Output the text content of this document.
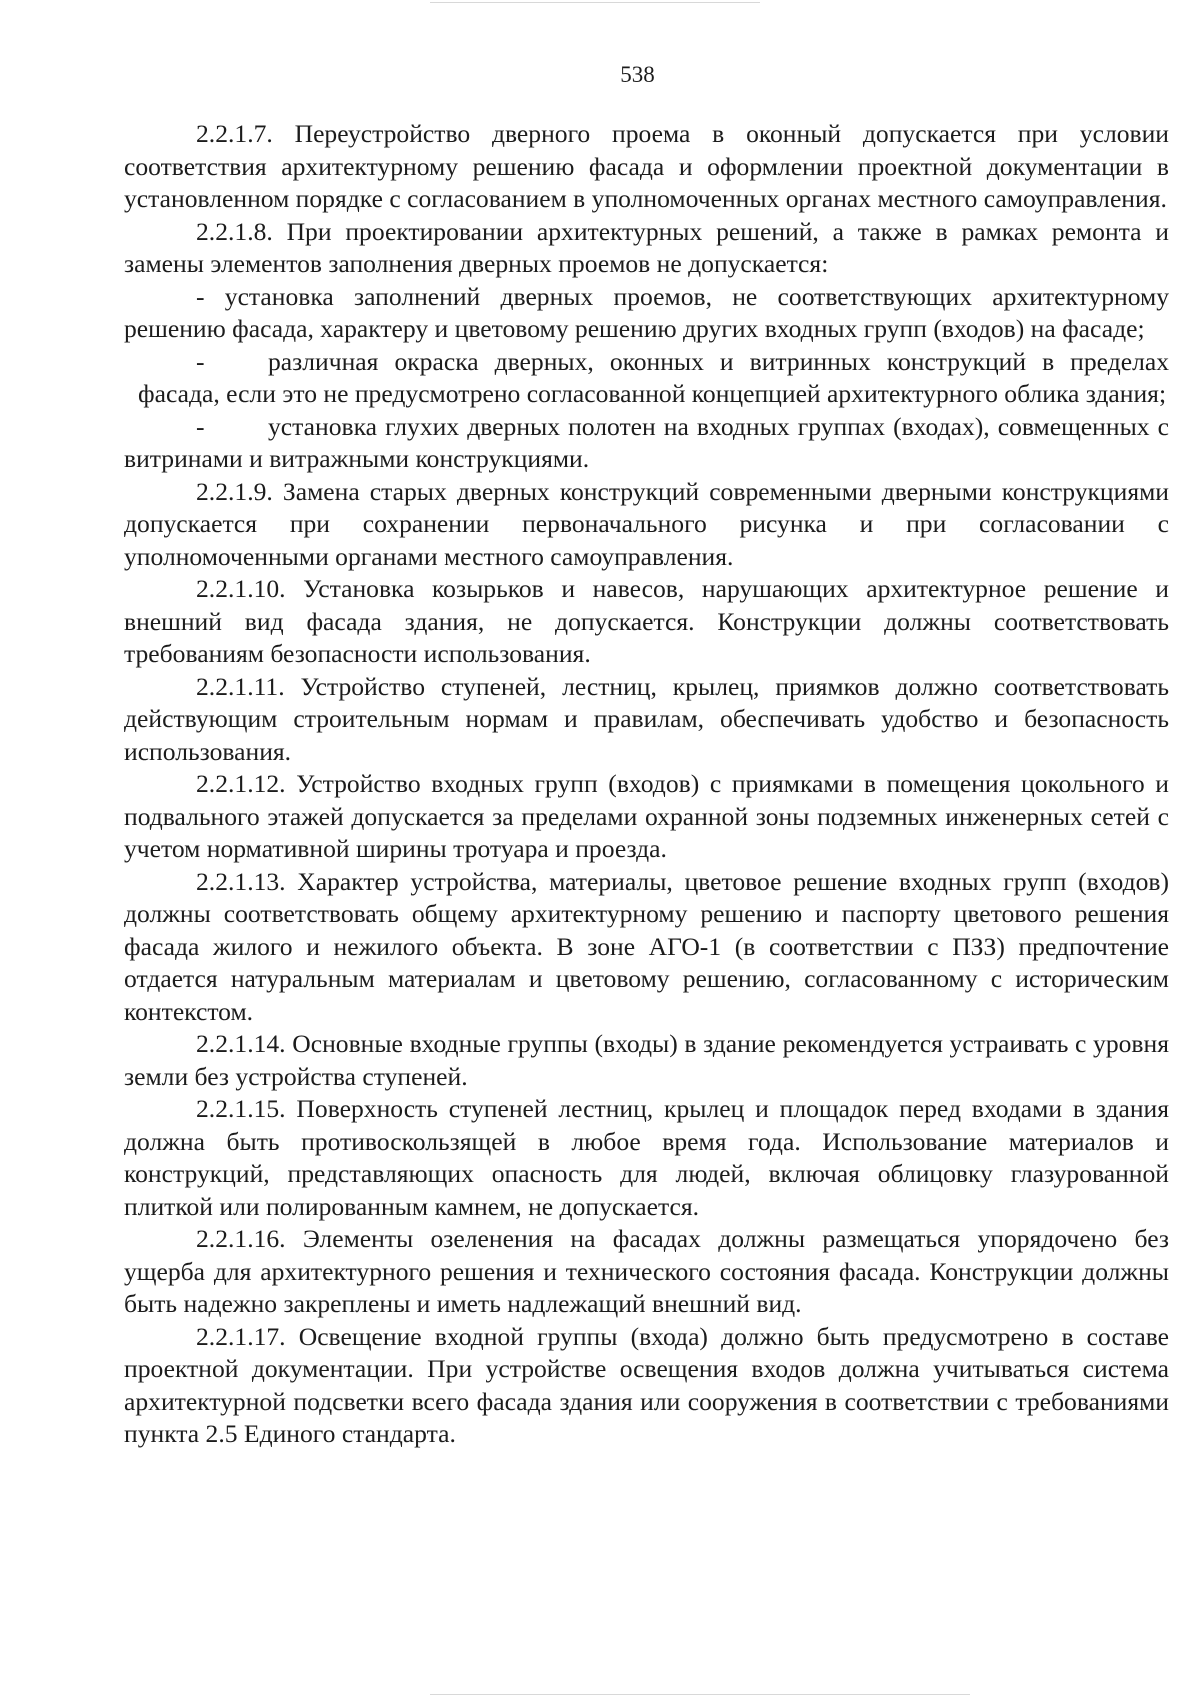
538

2.2.1.7. Переустройство дверного проема в оконный допускается при условии соответствия архитектурному решению фасада и оформлении проектной документации в установленном порядке с согласованием в уполномоченных органах местного самоуправления.

2.2.1.8. При проектировании архитектурных решений, а также в рамках ремонта и замены элементов заполнения дверных проемов не допускается:

- установка заполнений дверных проемов, не соответствующих архитектурному решению фасада, характеру и цветовому решению других входных групп (входов) на фасаде;

- различная окраска дверных, оконных и витринных конструкций в пределах фасада, если это не предусмотрено согласованной концепцией архитектурного облика здания;

- установка глухих дверных полотен на входных группах (входах), совмещенных с витринами и витражными конструкциями.

2.2.1.9. Замена старых дверных конструкций современными дверными конструкциями допускается при сохранении первоначального рисунка и при согласовании с уполномоченными органами местного самоуправления.

2.2.1.10. Установка козырьков и навесов, нарушающих архитектурное решение и внешний вид фасада здания, не допускается. Конструкции должны соответствовать требованиям безопасности использования.

2.2.1.11. Устройство ступеней, лестниц, крылец, приямков должно соответствовать действующим строительным нормам и правилам, обеспечивать удобство и безопасность использования.

2.2.1.12. Устройство входных групп (входов) с приямками в помещения цокольного и подвального этажей допускается за пределами охранной зоны подземных инженерных сетей с учетом нормативной ширины тротуара и проезда.

2.2.1.13. Характер устройства, материалы, цветовое решение входных групп (входов) должны соответствовать общему архитектурному решению и паспорту цветового решения фасада жилого и нежилого объекта. В зоне АГО-1 (в соответствии с ПЗЗ) предпочтение отдается натуральным материалам и цветовому решению, согласованному с историческим контекстом.

2.2.1.14. Основные входные группы (входы) в здание рекомендуется устраивать с уровня земли без устройства ступеней.

2.2.1.15. Поверхность ступеней лестниц, крылец и площадок перед входами в здания должна быть противоскользящей в любое время года. Использование материалов и конструкций, представляющих опасность для людей, включая облицовку глазурованной плиткой или полированным камнем, не допускается.

2.2.1.16. Элементы озеленения на фасадах должны размещаться упорядочено без ущерба для архитектурного решения и технического состояния фасада. Конструкции должны быть надежно закреплены и иметь надлежащий внешний вид.

2.2.1.17. Освещение входной группы (входа) должно быть предусмотрено в составе проектной документации. При устройстве освещения входов должна учитываться система архитектурной подсветки всего фасада здания или сооружения в соответствии с требованиями пункта 2.5 Единого стандарта.
